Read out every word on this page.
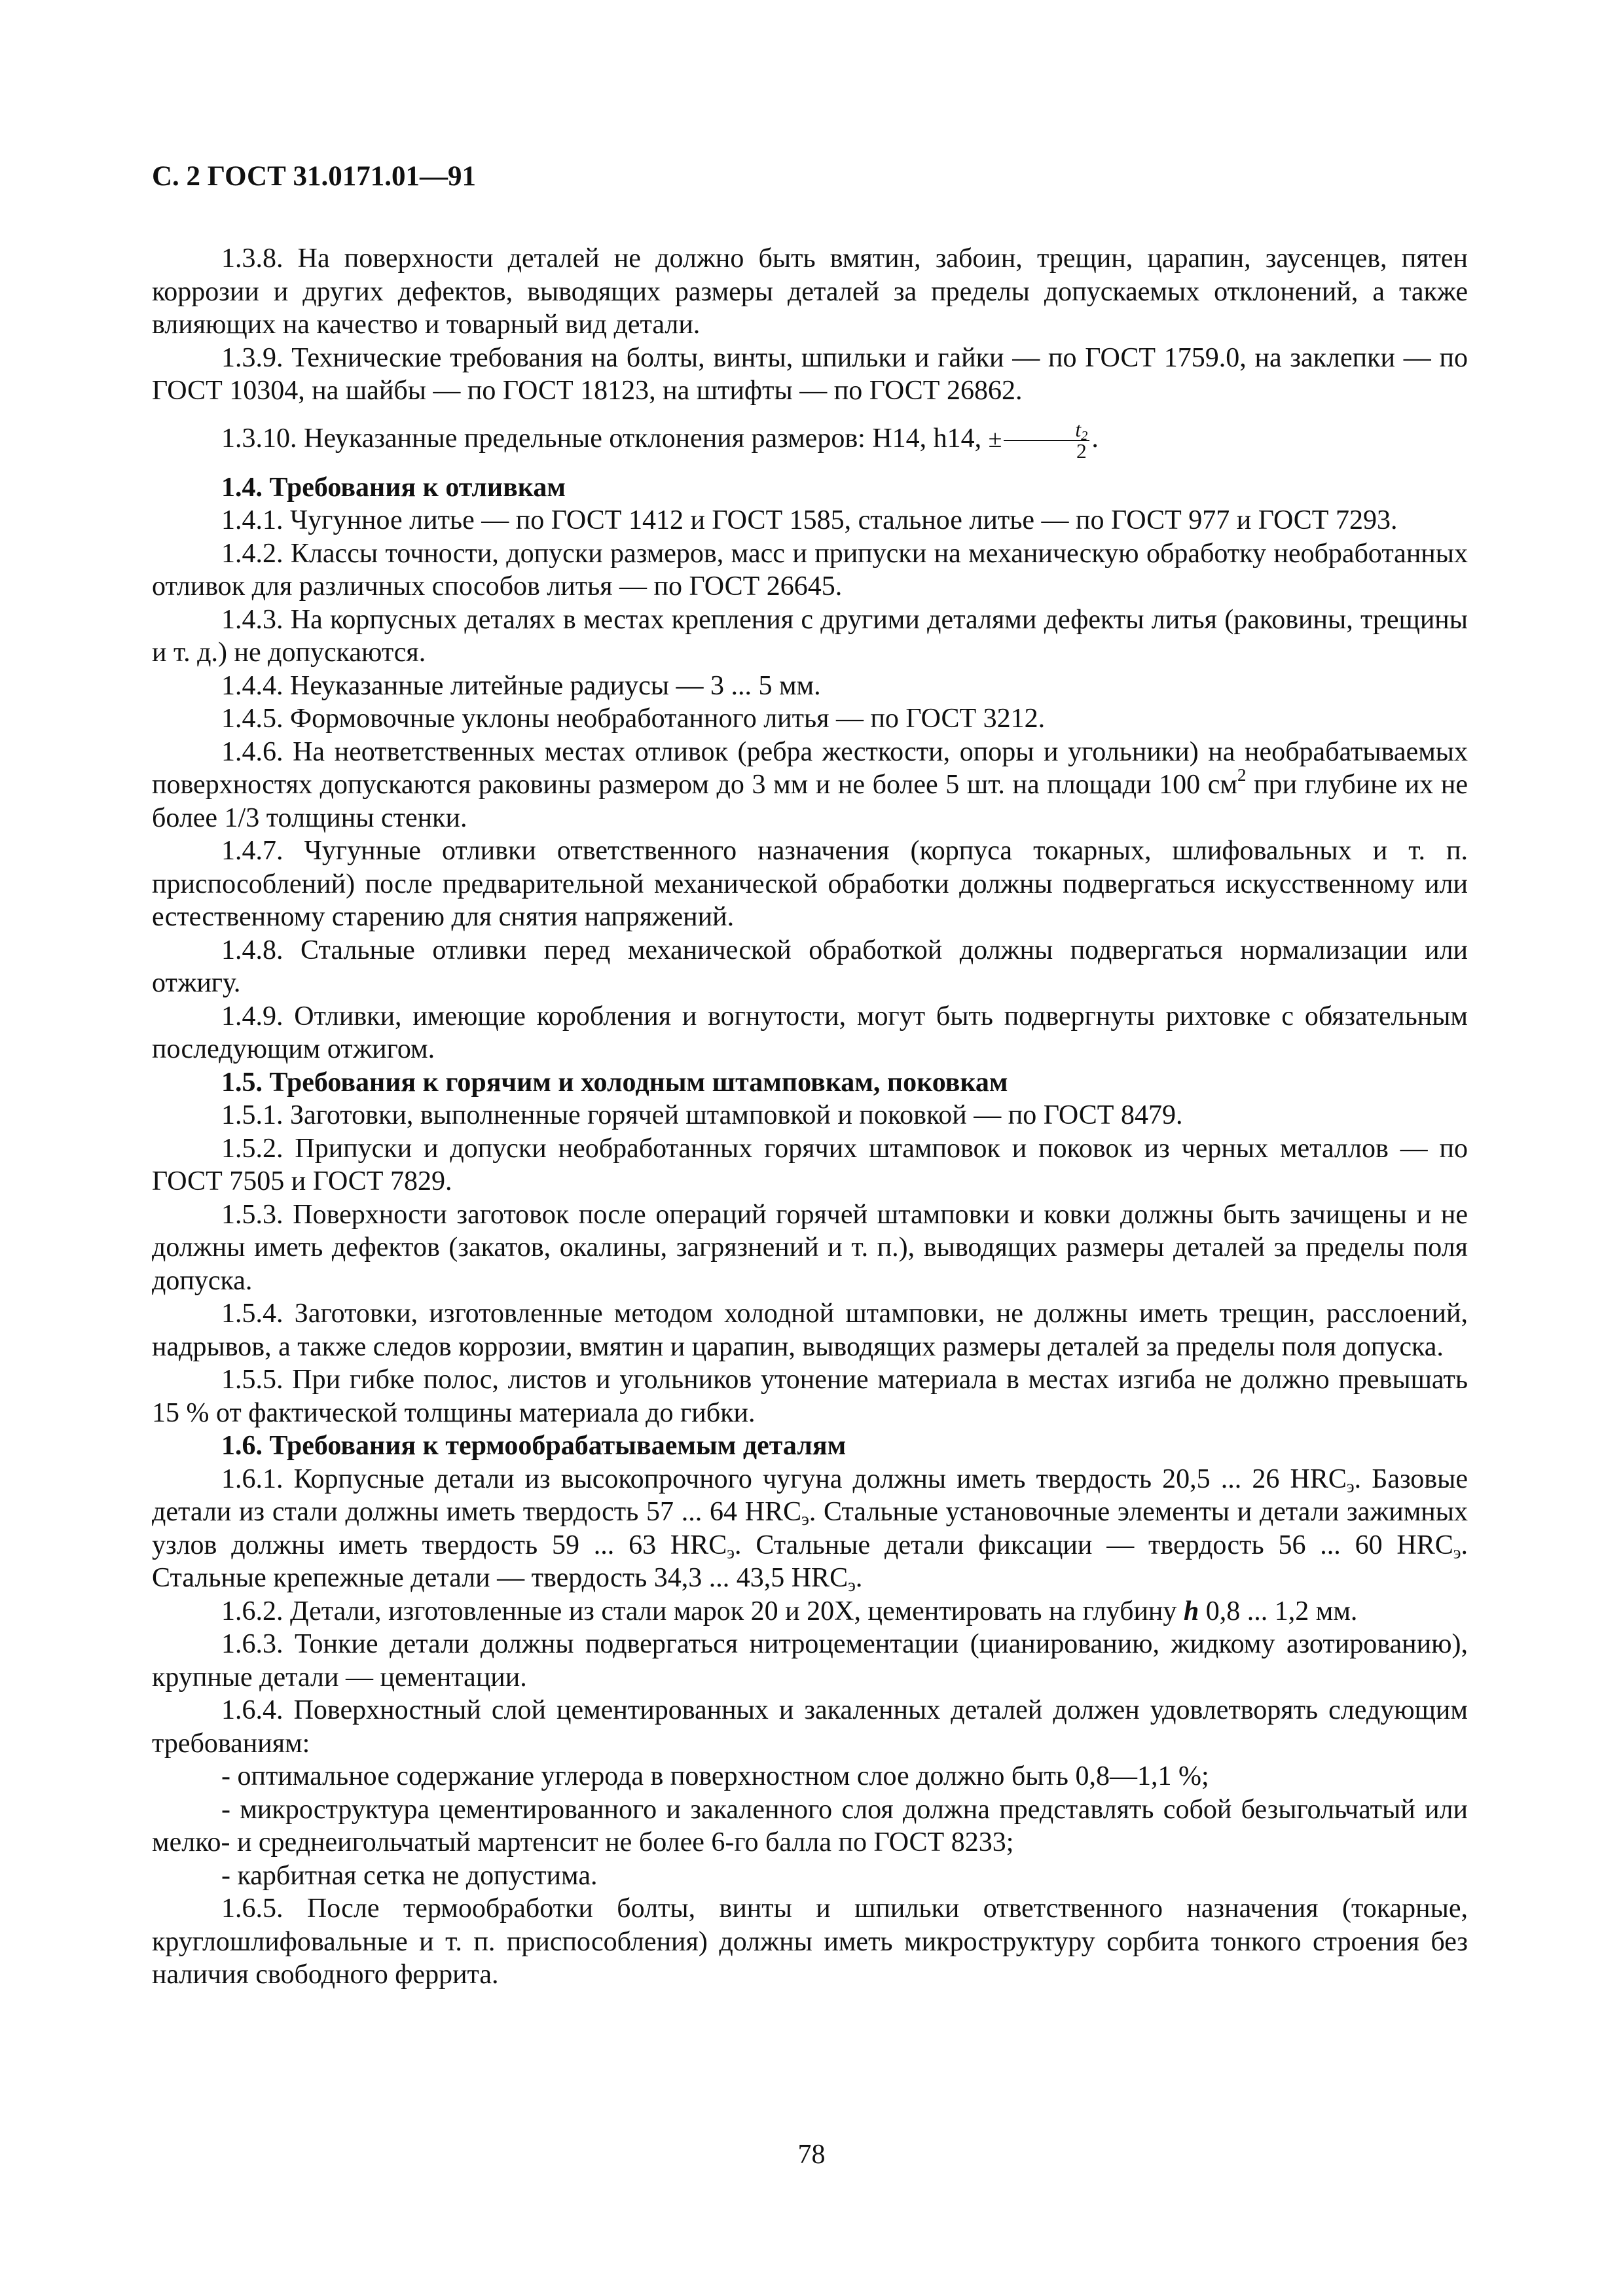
С. 2 ГОСТ 31.0171.01—91

1.3.8. На поверхности деталей не должно быть вмятин, забоин, трещин, царапин, заусенцев, пятен коррозии и других дефектов, выводящих размеры деталей за пределы допускаемых отклонений, а также влияющих на качество и товарный вид детали.

1.3.9. Технические требования на болты, винты, шпильки и гайки — по ГОСТ 1759.0, на заклепки — по ГОСТ 10304, на шайбы — по ГОСТ 18123, на штифты — по ГОСТ 26862.

1.3.10. Неуказанные предельные отклонения размеров: Н14, h14, ± $\frac{t_2}{2}$ .

1.4. Требования к отливкам

1.4.1. Чугунное литье — по ГОСТ 1412 и ГОСТ 1585, стальное литье — по ГОСТ 977 и ГОСТ 7293.

1.4.2. Классы точности, допуски размеров, масс и припуски на механическую обработку необработанных отливок для различных способов литья — по ГОСТ 26645.

1.4.3. На корпусных деталях в местах крепления с другими деталями дефекты литья (раковины, трещины и т. д.) не допускаются.

1.4.4. Неуказанные литейные радиусы — 3 ... 5 мм.

1.4.5. Формовочные уклоны необработанного литья — по ГОСТ 3212.

1.4.6. На неответственных местах отливок (ребра жесткости, опоры и угольники) на необрабатываемых поверхностях допускаются раковины размером до 3 мм и не более 5 шт. на площади 100 $см^2$ при глубине их не более 1/3 толщины стенки.

1.4.7. Чугунные отливки ответственного назначения (корпуса токарных, шлифовальных и т. п. приспособлений) после предварительной механической обработки должны подвергаться искусственному или естественному старению для снятия напряжений.

1.4.8. Стальные отливки перед механической обработкой должны подвергаться нормализации или отжигу.

1.4.9. Отливки, имеющие коробления и вогнутости, могут быть подвергнуты рихтовке с обязательным последующим отжигом.

1.5. Требования к горячим и холодным штамповкам, поковкам

1.5.1. Заготовки, выполненные горячей штамповкой и поковкой — по ГОСТ 8479.

1.5.2. Припуски и допуски необработанных горячих штамповок и поковок из черных металлов — по ГОСТ 7505 и ГОСТ 7829.

1.5.3. Поверхности заготовок после операций горячей штамповки и ковки должны быть зачищены и не должны иметь дефектов (закатов, окалины, загрязнений и т. п.), выводящих размеры деталей за пределы поля допуска.

1.5.4. Заготовки, изготовленные методом холодной штамповки, не должны иметь трещин, расслоений, надрывов, а также следов коррозии, вмятин и царапин, выводящих размеры деталей за пределы поля допуска.

1.5.5. При гибке полос, листов и угольников утонение материала в местах изгиба не должно превышать 15 % от фактической толщины материала до гибки.

1.6. Требования к термообрабатываемым деталям

1.6.1. Корпусные детали из высокопрочного чугуна должны иметь твердость 20,5 ... 26 $HRC_э$. Базовые детали из стали должны иметь твердость 57 ... 64 $HRC_э$. Стальные установочные элементы и детали зажимных узлов должны иметь твердость 59 ... 63 $HRC_э$. Стальные детали фиксации — твердость 56 ... 60 $HRC_э$. Стальные крепежные детали — твердость 34,3 ... 43,5 $HRC_э$.

1.6.2. Детали, изготовленные из стали марок 20 и 20Х, цементировать на глубину h 0,8 ... 1,2 мм.

1.6.3. Тонкие детали должны подвергаться нитроцементации (цианированию, жидкому азотированию), крупные детали — цементации.

1.6.4. Поверхностный слой цементированных и закаленных деталей должен удовлетворять следующим требованиям:

- оптимальное содержание углерода в поверхностном слое должно быть 0,8—1,1 %;

- микроструктура цементированного и закаленного слоя должна представлять собой безыгольчатый или мелко- и среднеигольчатый мартенсит не более 6-го балла по ГОСТ 8233;

- карбитная сетка не допустима.

1.6.5. После термообработки болты, винты и шпильки ответственного назначения (токарные, круглошлифовальные и т. п. приспособления) должны иметь микроструктуру сорбита тонкого строения без наличия свободного феррита.

78
